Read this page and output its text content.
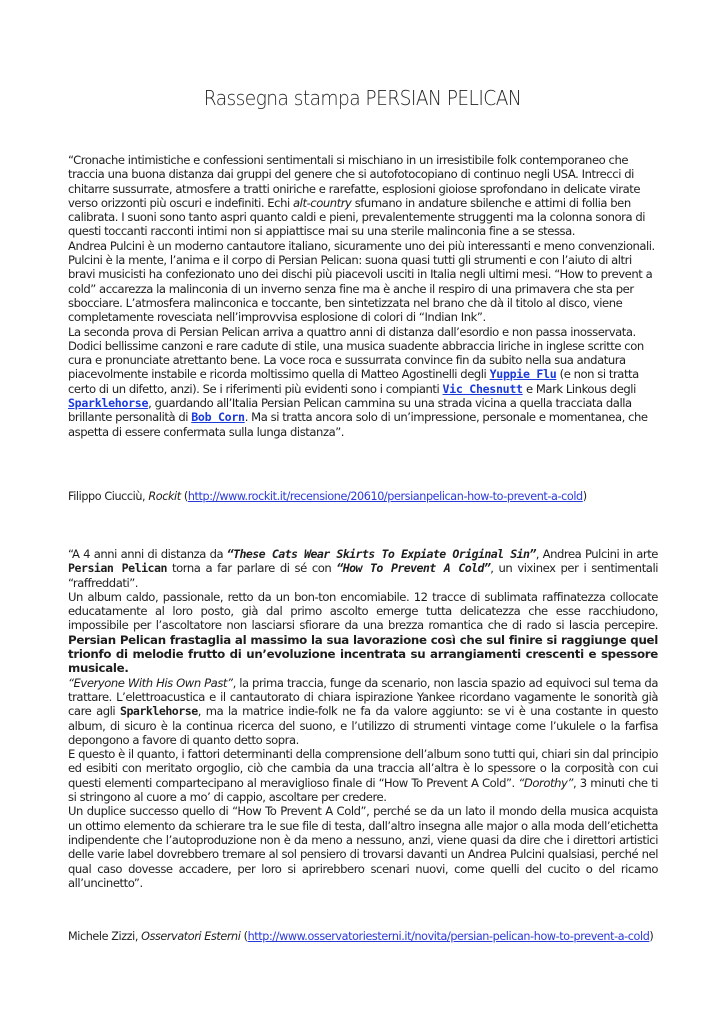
Rassegna stampa PERSIAN PELICAN

“Cronache intimistiche e confessioni sentimentali si mischiano in un irresistibile folk contemporaneo che traccia una buona distanza dai gruppi del genere che si autofotocopiano di continuo negli USA. Intrecci di chitarre sussurrate, atmosfere a tratti oniriche e rarefatte, esplosioni gioiose sprofondano in delicate virate verso orizzonti più oscuri e indefiniti. Echi alt-country sfumano in andature sbilenche e attimi di follia ben calibrata. I suoni sono tanto aspri quanto caldi e pieni, prevalentemente struggenti ma la colonna sonora di questi toccanti racconti intimi non si appiattisce mai su una sterile malinconia fine a se stessa.

Andrea Pulcini è un moderno cantautore italiano, sicuramente uno dei più interessanti e meno convenzionali. Pulcini è la mente, l’anima e il corpo di Persian Pelican: suona quasi tutti gli strumenti e con l’aiuto di altri bravi musicisti ha confezionato uno dei dischi più piacevoli usciti in Italia negli ultimi mesi. “How to prevent a cold” accarezza la malinconia di un inverno senza fine ma è anche il respiro di una primavera che sta per sbocciare. L’atmosfera malinconica e toccante, ben sintetizzata nel brano che dà il titolo al disco, viene completamente rovesciata nell’improvvisa esplosione di colori di “Indian Ink”.

La seconda prova di Persian Pelican arriva a quattro anni di distanza dall’esordio e non passa inosservata. Dodici bellissime canzoni e rare cadute di stile, una musica suadente abbraccia liriche in inglese scritte con cura e pronunciate atrettanto bene. La voce roca e sussurrata convince fin da subito nella sua andatura piacevolmente instabile e ricorda moltissimo quella di Matteo Agostinelli degli Yuppie Flu (e non si tratta certo di un difetto, anzi). Se i riferimenti più evidenti sono i compianti Vic Chesnutt e Mark Linkous degli Sparklehorse, guardando all’Italia Persian Pelican cammina su una strada vicina a quella tracciata dalla brillante personalità di Bob Corn. Ma si tratta ancora solo di un’impressione, personale e momentanea, che aspetta di essere confermata sulla lunga distanza”.

Filippo Ciucciù, Rockit (http://www.rockit.it/recensione/20610/persianpelican-how-to-prevent-a-cold)

“A 4 anni anni di distanza da “These Cats Wear Skirts To Expiate Original Sin”, Andrea Pulcini in arte Persian Pelican torna a far parlare di sé con “How To Prevent A Cold”, un vixinex per i sentimentali “raffreddati”.

Un album caldo, passionale, retto da un bon-ton encomiabile. 12 tracce di sublimata raffinatezza collocate educatamente al loro posto, già dal primo ascolto emerge tutta delicatezza che esse racchiudono, impossibile per l’ascoltatore non lasciarsi sfiorare da una brezza romantica che di rado si lascia percepire. Persian Pelican frastaglia al massimo la sua lavorazione così che sul finire si raggiunge quel trionfo di melodie frutto di un’evoluzione incentrata su arrangiamenti crescenti e spessore musicale.

“Everyone With His Own Past”, la prima traccia, funge da scenario, non lascia spazio ad equivoci sul tema da trattare. L’elettroacustica e il cantautorato di chiara ispirazione Yankee ricordano vagamente le sonorità già care agli Sparklehorse, ma la matrice indie-folk ne fa da valore aggiunto: se vi è una costante in questo album, di sicuro è la continua ricerca del suono, e l’utilizzo di strumenti vintage come l’ukulele o la farfisa depongono a favore di quanto detto sopra.

E questo è il quanto, i fattori determinanti della comprensione dell’album sono tutti qui, chiari sin dal principio ed esibiti con meritato orgoglio, ciò che cambia da una traccia all’altra è lo spessore o la corposità con cui questi elementi compartecipano al meraviglioso finale di “How To Prevent A Cold”. “Dorothy”, 3 minuti che ti si stringono al cuore a mo’ di cappio, ascoltare per credere.

Un duplice successo quello di “How To Prevent A Cold”, perché se da un lato il mondo della musica acquista un ottimo elemento da schierare tra le sue file di testa, dall’altro insegna alle major o alla moda dell’etichetta indipendente che l’autoproduzione non è da meno a nessuno, anzi, viene quasi da dire che i direttori artistici delle varie label dovrebbero tremare al sol pensiero di trovarsi davanti un Andrea Pulcini qualsiasi, perché nel qual caso dovesse accadere, per loro si aprirebbero scenari nuovi, come quelli del cucito o del ricamo all’uncinetto”.

Michele Zizzi, Osservatori Esterni (http://www.osservatoriesterni.it/novita/persian-pelican-how-to-prevent-a-cold)
